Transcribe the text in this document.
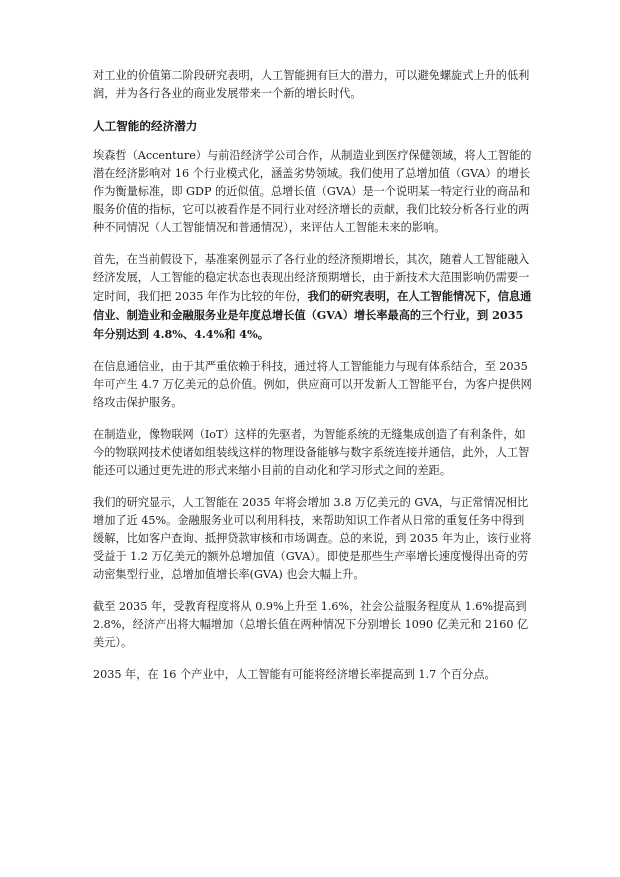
对工业的价值第二阶段研究表明，人工智能拥有巨大的潜力，可以避免螺旋式上升的低利润，并为各行各业的商业发展带来一个新的增长时代。

人工智能的经济潜力

埃森哲（Accenture）与前沿经济学公司合作，从制造业到医疗保健领域，将人工智能的潜在经济影响对 16 个行业模式化，涵盖劣势领域。我们使用了总增加值（GVA）的增长作为衡量标准，即 GDP 的近似值。总增长值（GVA）是一个说明某一特定行业的商品和服务价值的指标，它可以被看作是不同行业对经济增长的贡献，我们比较分析各行业的两种不同情况（人工智能情况和普通情况），来评估人工智能未来的影响。

首先，在当前假设下，基准案例显示了各行业的经济预期增长，其次，随着人工智能融入经济发展，人工智能的稳定状态也表现出经济预期增长，由于新技术大范围影响仍需要一定时间，我们把 2035 年作为比较的年份，我们的研究表明，在人工智能情况下，信息通信业、制造业和金融服务业是年度总增长值（GVA）增长率最高的三个行业，到 2035 年分别达到 4.8%、4.4%和 4%。

在信息通信业，由于其严重依赖于科技，通过将人工智能能力与现有体系结合，至 2035 年可产生 4.7 万亿美元的总价值。例如，供应商可以开发新人工智能平台，为客户提供网络攻击保护服务。

在制造业，像物联网（IoT）这样的先驱者，为智能系统的无缝集成创造了有利条件，如今的物联网技术使诸如组装线这样的物理设备能够与数字系统连接并通信，此外，人工智能还可以通过更先进的形式来缩小目前的自动化和学习形式之间的差距。

我们的研究显示，人工智能在 2035 年将会增加 3.8 万亿美元的 GVA，与正常情况相比增加了近 45%。金融服务业可以利用科技，来帮助知识工作者从日常的重复任务中得到缓解，比如客户查询、抵押贷款审核和市场调查。总的来说，到 2035 年为止，该行业将受益于 1.2 万亿美元的额外总增加值（GVA）。即使是那些生产率增长速度慢得出奇的劳动密集型行业，总增加值增长率(GVA) 也会大幅上升。

截至 2035 年，受教育程度将从 0.9%上升至 1.6%，社会公益服务程度从 1.6%提高到 2.8%，经济产出将大幅增加（总增长值在两种情况下分别增长 1090 亿美元和 2160 亿美元）。

2035 年，在 16 个产业中，人工智能有可能将经济增长率提高到 1.7 个百分点。
